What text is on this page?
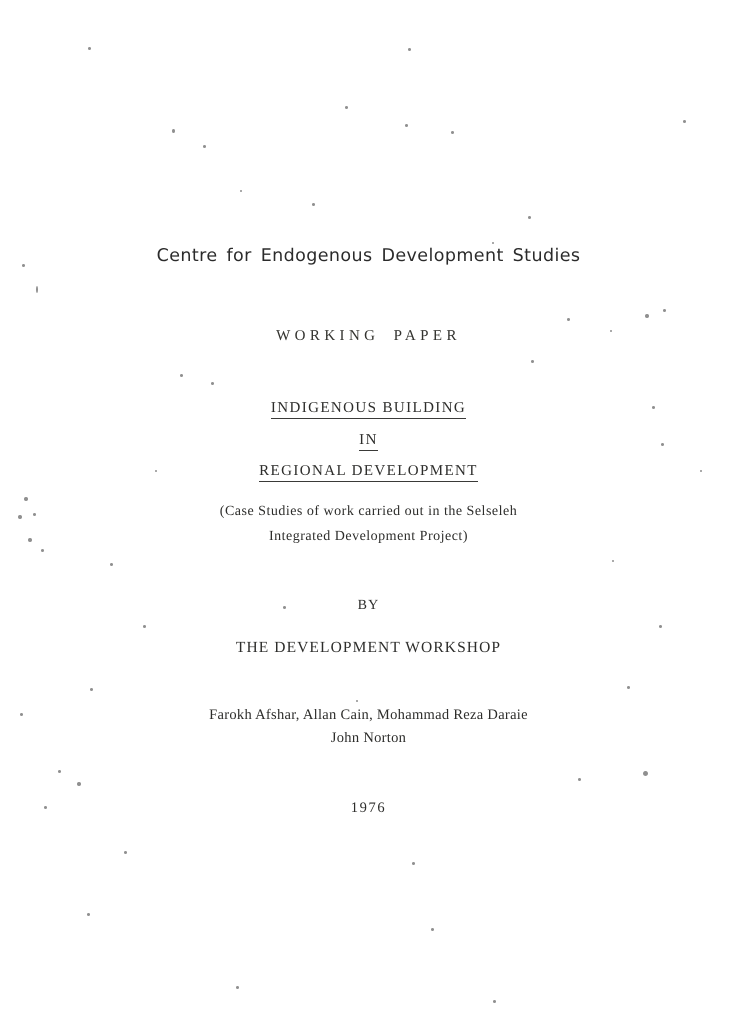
Centre for Endogenous Development Studies
WORKING PAPER
INDIGENOUS BUILDING
IN
REGIONAL DEVELOPMENT
(Case Studies of work carried out in the Selseleh
Integrated Development Project)
BY
THE DEVELOPMENT WORKSHOP
Farokh Afshar, Allan Cain, Mohammad Reza Daraie
John Norton
1976
